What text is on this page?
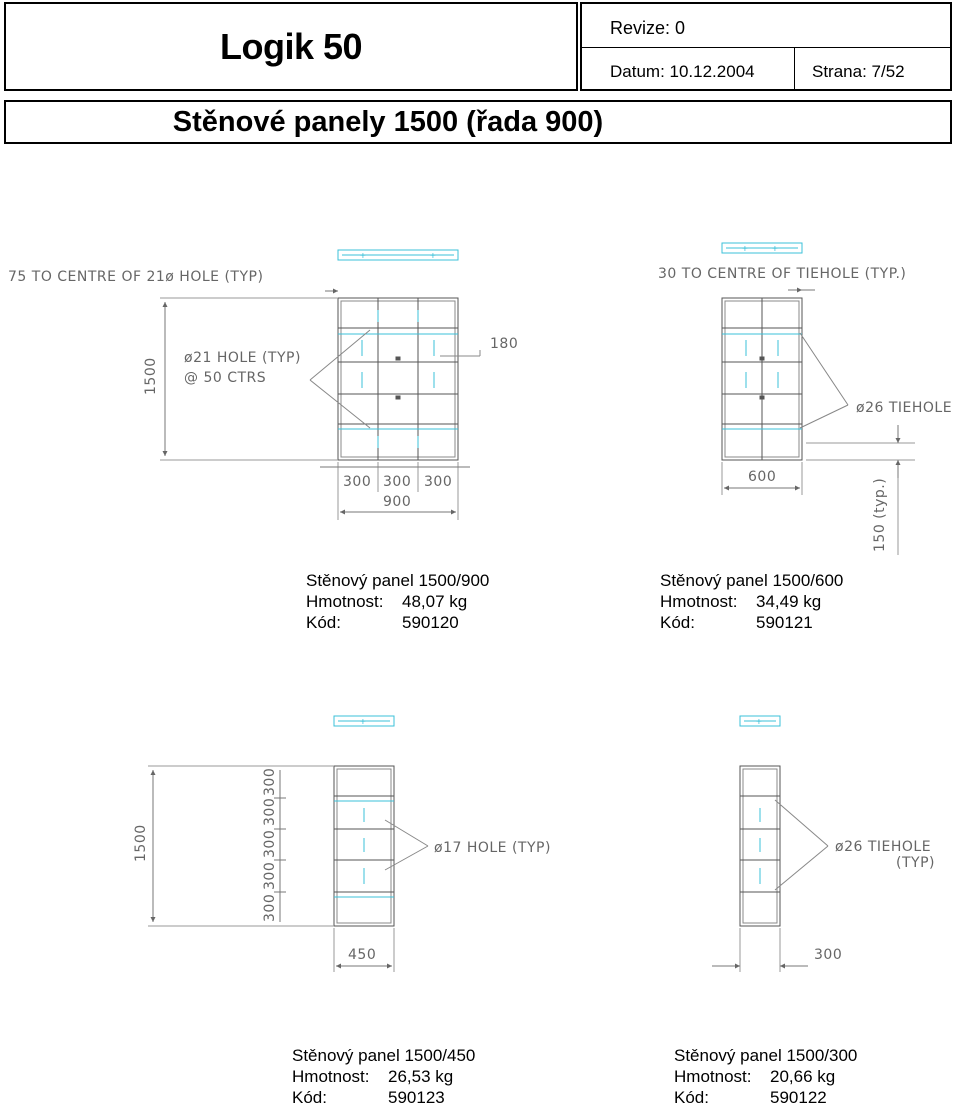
Logik 50	Revize: 0
Datum: 10.12.2004	Strana: 7/52
Stěnové panely 1500 (řada 900)
+	+
+ +
+	+
75 TO CENTRE OF 21ø HOLE (TYP)
ø21 HOLE (TYP)
@ 50 CTRS
1500
180
300 300 300
900
30 TO CENTRE OF TIEHOLE (TYP.)
ø26 TIEHOLE
600
150 (typ.)
1500
300
300
300
300
300
ø17 HOLE (TYP)
450
ø26 TIEHOLE
(TYP)
300
Stěnový panel 1500/900
Hmotnost:	48,07 kg
Kód:	590120
Stěnový panel 1500/600
Hmotnost:	34,49 kg
Kód:	590121
Stěnový panel 1500/450
Hmotnost:	26,53 kg
Kód:	590123
Stěnový panel 1500/300
Hmotnost:	20,66 kg
Kód:	590122
